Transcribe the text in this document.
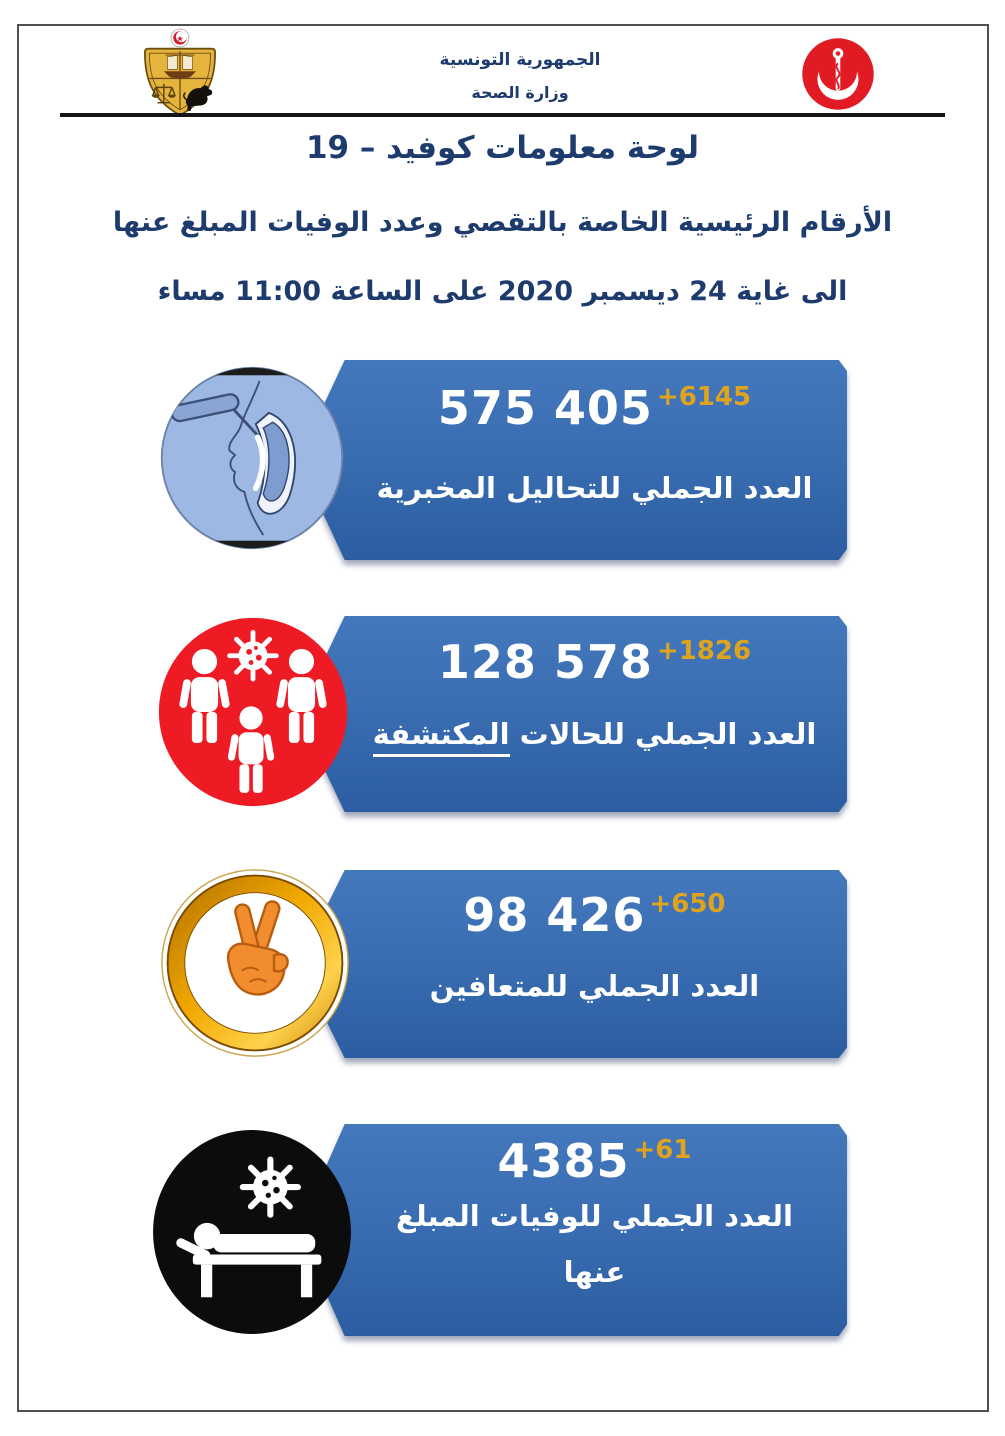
الجمهورية التونسية
وزارة الصحة
لوحة معلومات كوفيد – 19
الأرقام الرئيسية الخاصة بالتقصي وعدد الوفيات المبلغ عنها
الى غاية 24 ديسمبر 2020 على الساعة 11:00 مساء
575 405 +6145
العدد الجملي للتحاليل المخبرية
128 578 +1826
العدد الجملي للحالات المكتشفة
98 426 +650
العدد الجملي للمتعافين
4385 +61
العدد الجملي للوفيات المبلغ
عنها
